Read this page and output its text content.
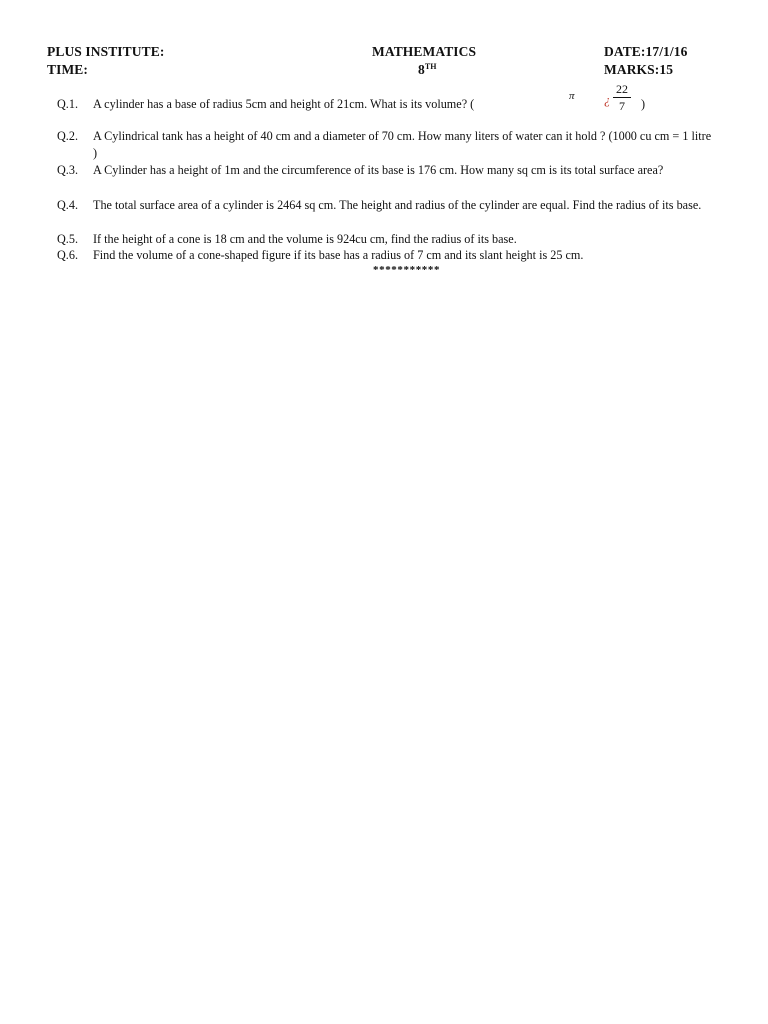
PLUS INSTITUTE:	MATHEMATICS	DATE:17/1/16
TIME:	8TH	MARKS:15
Q.1. A cylinder has a base of radius 5cm and height of 21cm. What is its volume? (
π ¿
22
7	)
Q.2. A Cylindrical tank has a height of 40 cm and a diameter of 70 cm. How many liters of water can it hold ? (1000 cu cm = 1 litre )
Q.3. A Cylinder has a height of 1m and the circumference of its base is 176 cm. How many sq cm is its total surface area?
Q.4. The total surface area of a cylinder is 2464 sq cm. The height and radius of the cylinder are equal. Find the radius of its base.
Q.5. If the height of a cone is 18 cm and the volume is 924cu cm, find the radius of its base.
Q.6. Find the volume of a cone-shaped figure if its base has a radius of 7 cm and its slant height is 25 cm.
***********
